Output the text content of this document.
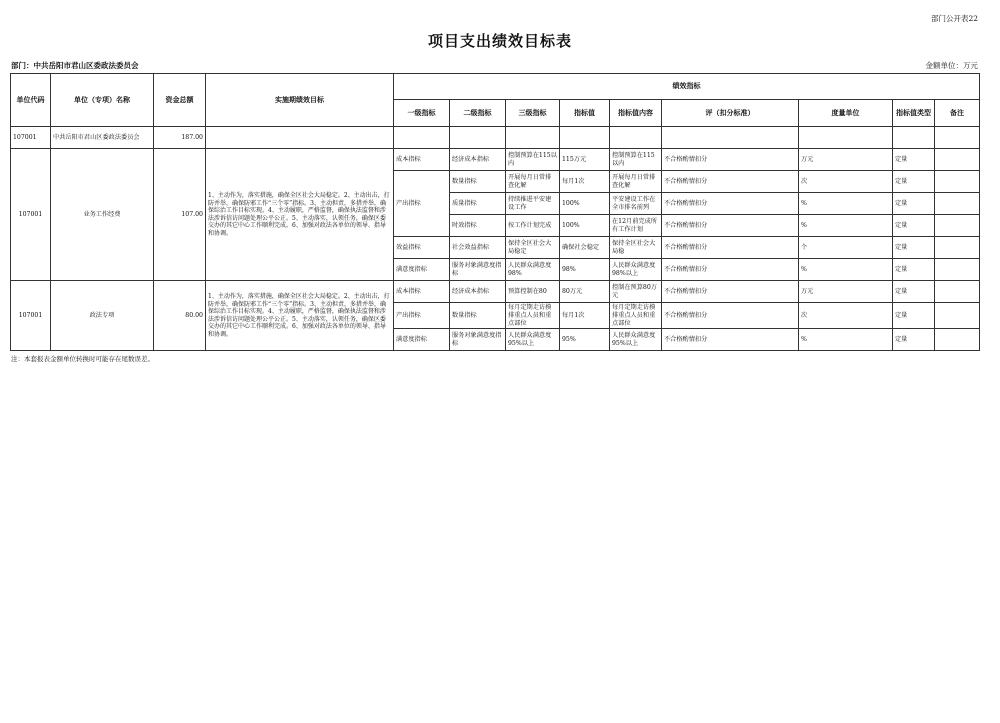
部门公开表22
项目支出绩效目标表
部门：中共岳阳市君山区委政法委员会	金额单位：万元
单位代码	单位（专项）名称	资金总额	实施期绩效目标	绩效指标								
				一级指标	二级指标	三级指标	指标值	指标值内容	评（扣分标准）	度量单位	指标值类型	备注
107001	中共岳阳市君山区委政法委员会	187.00										
107001	业务工作经费	107.00	1、主动作为，落实措施，确保全区社会大局稳定。2、主动出击，打防并举，确保防邪工作“三个零”指标。3、主动担责，多措并举，确保综治工作目标实现。4、主动履职，严格监督，确保执法监督和涉法涉诉信访问题处理公平公正。5、主动落实，认领任务，确保区委交办的其它中心工作顺利完成。6、加强对政法各单位的领导、指导和协调。	成本指标	经济成本指标	控制预算在115以内	115万元	控制预算在115以内	不合格酌情扣分	万元	定量	
				产出指标	数量指标	开展每月日常排查化解	每月1次	开展每月日常排查化解	不合格酌情扣分	次	定量	
					质量指标	持续推进平安建设工作	100%	平安建设工作在全市排名前列	不合格酌情扣分	%	定量	
					时效指标	按工作计划完成	100%	在12月前完成所有工作计划	不合格酌情扣分	%	定量	
				效益指标	社会效益指标	保持全区社会大局稳定	确保社会稳定	保持全区社会大局稳	不合格酌情扣分	个	定量	
				满意度指标	服务对象满意度指标	人民群众满意度98%	98%	人民群众满意度98%以上	不合格酌情扣分	%	定量	
107001	政法专项	80.00	1、主动作为，落实措施，确保全区社会大局稳定。2、主动出击，打防并举，确保防邪工作“三个零”指标。3、主动担责，多措并举，确保综治工作目标实现。4、主动履职，严格监督，确保执法监督和涉法涉诉信访问题处理公平公正。5、主动落实，认领任务，确保区委交办的其它中心工作顺利完成。6、加强对政法各单位的领导、指导和协调。	成本指标	经济成本指标	预算控制在80	80万元	控制在预算80万元	不合格酌情扣分	万元	定量	
				产出指标	数量指标	每月定期走访摸排重点人员和重点部位	每月1次	每月定期走访摸排重点人员和重点部位	不合格酌情扣分	次	定量	
				满意度指标	服务对象满意度指标	人民群众满意度95%以上	95%	人民群众满意度95%以上	不合格酌情扣分	%	定量	
注：本套报表金额单位转换时可能存在尾数误差。
